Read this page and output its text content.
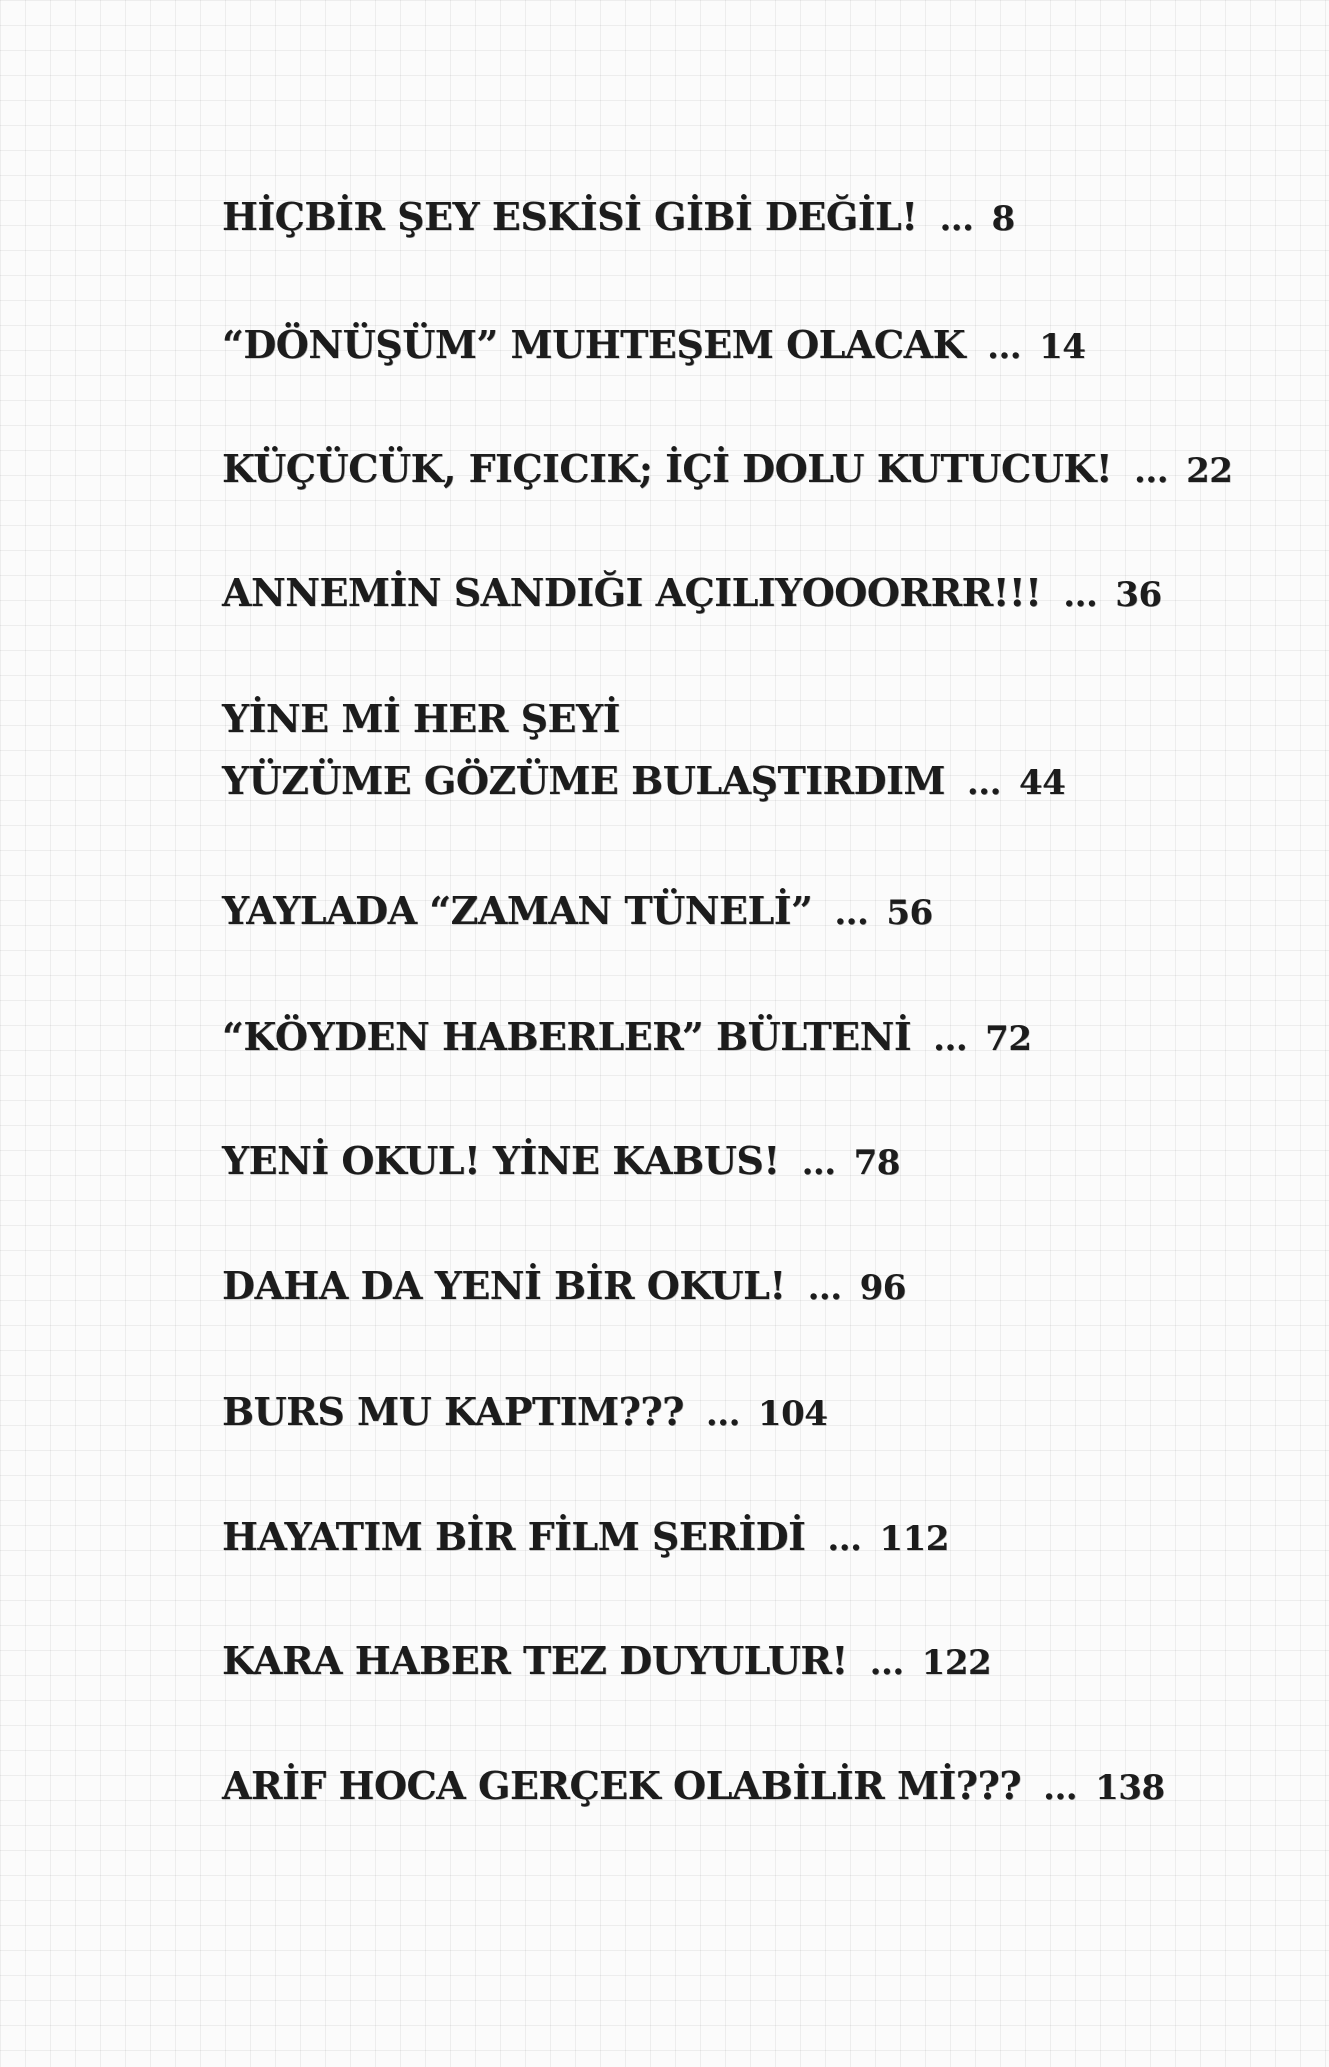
HİÇBİR ŞEY ESKİSİ GİBİ DEĞİL! ... 8
“DÖNÜŞÜM” MUHTEŞEM OLACAK ... 14
KÜÇÜCÜK, FIÇICIK; İÇİ DOLU KUTUCUK! ... 22
ANNEMİN SANDIĞI AÇILIYOOORRR!!! ... 36
YİNE Mİ HER ŞEYİ
YÜZÜME GÖZÜME BULAŞTIRDIM ... 44
YAYLADA “ZAMAN TÜNELİ” ... 56
“KÖYDEN HABERLER” BÜLTENİ ... 72
YENİ OKUL! YİNE KABUS! ... 78
DAHA DA YENİ BİR OKUL! ... 96
BURS MU KAPTIM??? ... 104
HAYATIM BİR FİLM ŞERİDİ ... 112
KARA HABER TEZ DUYULUR! ... 122
ARİF HOCA GERÇEK OLABİLİR Mİ??? ... 138
